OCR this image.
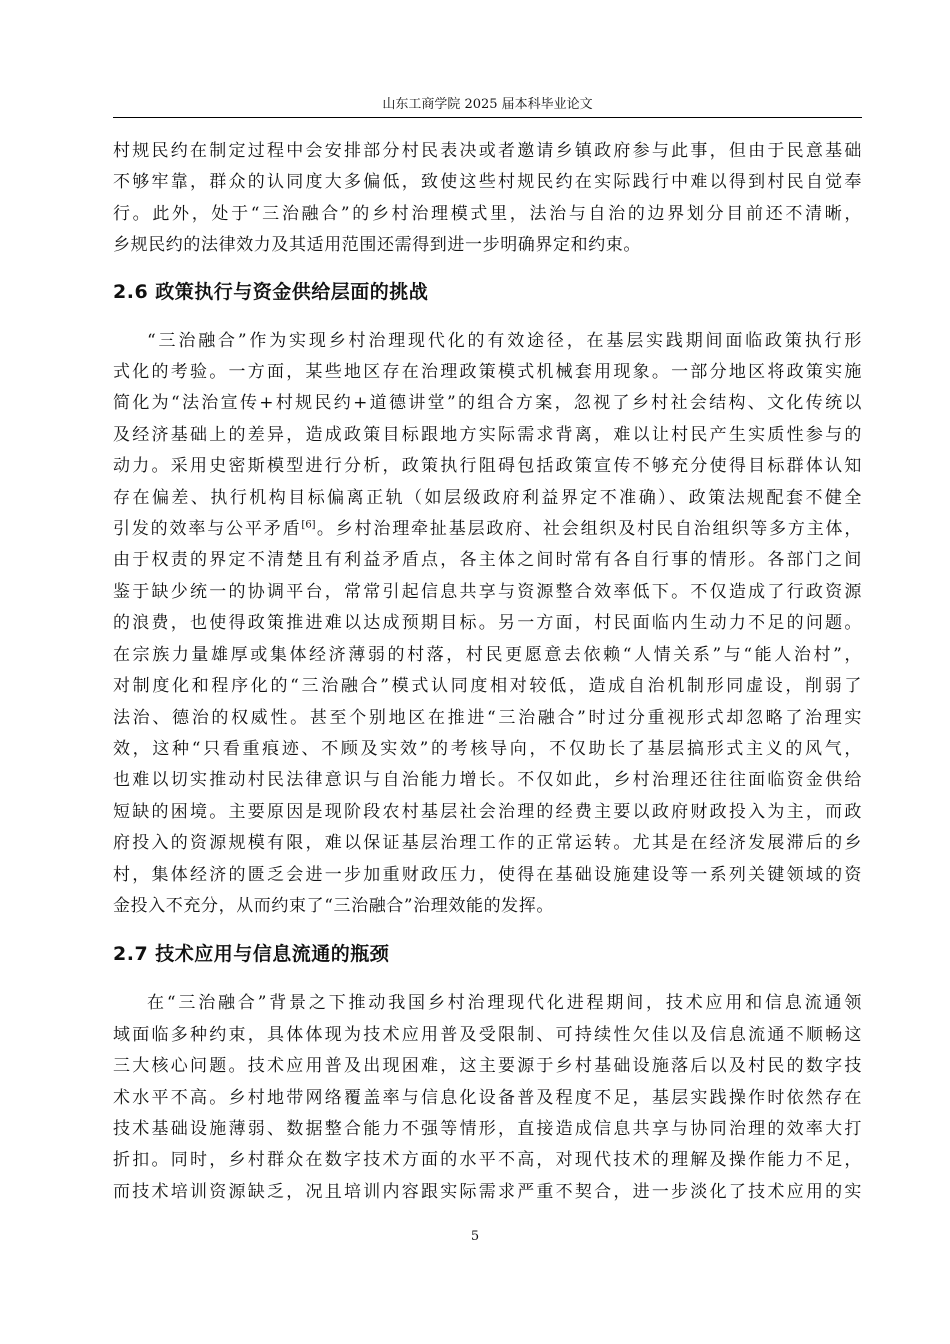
山东工商学院 2025 届本科毕业论文

村规民约在制定过程中会安排部分村民表决或者邀请乡镇政府参与此事，但由于民意基础

不够牢靠，群众的认同度大多偏低，致使这些村规民约在实际践行中难以得到村民自觉奉

行。此外，处于“三治融合”的乡村治理模式里，法治与自治的边界划分目前还不清晰，

乡规民约的法律效力及其适用范围还需得到进一步明确界定和约束。

2.6 政策执行与资金供给层面的挑战

“三治融合”作为实现乡村治理现代化的有效途径，在基层实践期间面临政策执行形

式化的考验。一方面，某些地区存在治理政策模式机械套用现象。一部分地区将政策实施

简化为“法治宣传+村规民约+道德讲堂”的组合方案，忽视了乡村社会结构、文化传统以

及经济基础上的差异，造成政策目标跟地方实际需求背离，难以让村民产生实质性参与的

动力。采用史密斯模型进行分析，政策执行阻碍包括政策宣传不够充分使得目标群体认知

存在偏差、执行机构目标偏离正轨（如层级政府利益界定不准确）、政策法规配套不健全

引发的效率与公平矛盾[6]。乡村治理牵扯基层政府、社会组织及村民自治组织等多方主体，

由于权责的界定不清楚且有利益矛盾点，各主体之间时常有各自行事的情形。各部门之间

鉴于缺少统一的协调平台，常常引起信息共享与资源整合效率低下。不仅造成了行政资源

的浪费，也使得政策推进难以达成预期目标。另一方面，村民面临内生动力不足的问题。

在宗族力量雄厚或集体经济薄弱的村落，村民更愿意去依赖“人情关系”与“能人治村”，

对制度化和程序化的“三治融合”模式认同度相对较低，造成自治机制形同虚设，削弱了

法治、德治的权威性。甚至个别地区在推进“三治融合”时过分重视形式却忽略了治理实

效，这种“只看重痕迹、不顾及实效”的考核导向，不仅助长了基层搞形式主义的风气，

也难以切实推动村民法律意识与自治能力增长。不仅如此，乡村治理还往往面临资金供给

短缺的困境。主要原因是现阶段农村基层社会治理的经费主要以政府财政投入为主，而政

府投入的资源规模有限，难以保证基层治理工作的正常运转。尤其是在经济发展滞后的乡

村，集体经济的匮乏会进一步加重财政压力，使得在基础设施建设等一系列关键领域的资

金投入不充分，从而约束了“三治融合”治理效能的发挥。

2.7 技术应用与信息流通的瓶颈

在“三治融合”背景之下推动我国乡村治理现代化进程期间，技术应用和信息流通领

域面临多种约束，具体体现为技术应用普及受限制、可持续性欠佳以及信息流通不顺畅这

三大核心问题。技术应用普及出现困难，这主要源于乡村基础设施落后以及村民的数字技

术水平不高。乡村地带网络覆盖率与信息化设备普及程度不足，基层实践操作时依然存在

技术基础设施薄弱、数据整合能力不强等情形，直接造成信息共享与协同治理的效率大打

折扣。同时，乡村群众在数字技术方面的水平不高，对现代技术的理解及操作能力不足，

而技术培训资源缺乏，况且培训内容跟实际需求严重不契合，进一步淡化了技术应用的实

5
